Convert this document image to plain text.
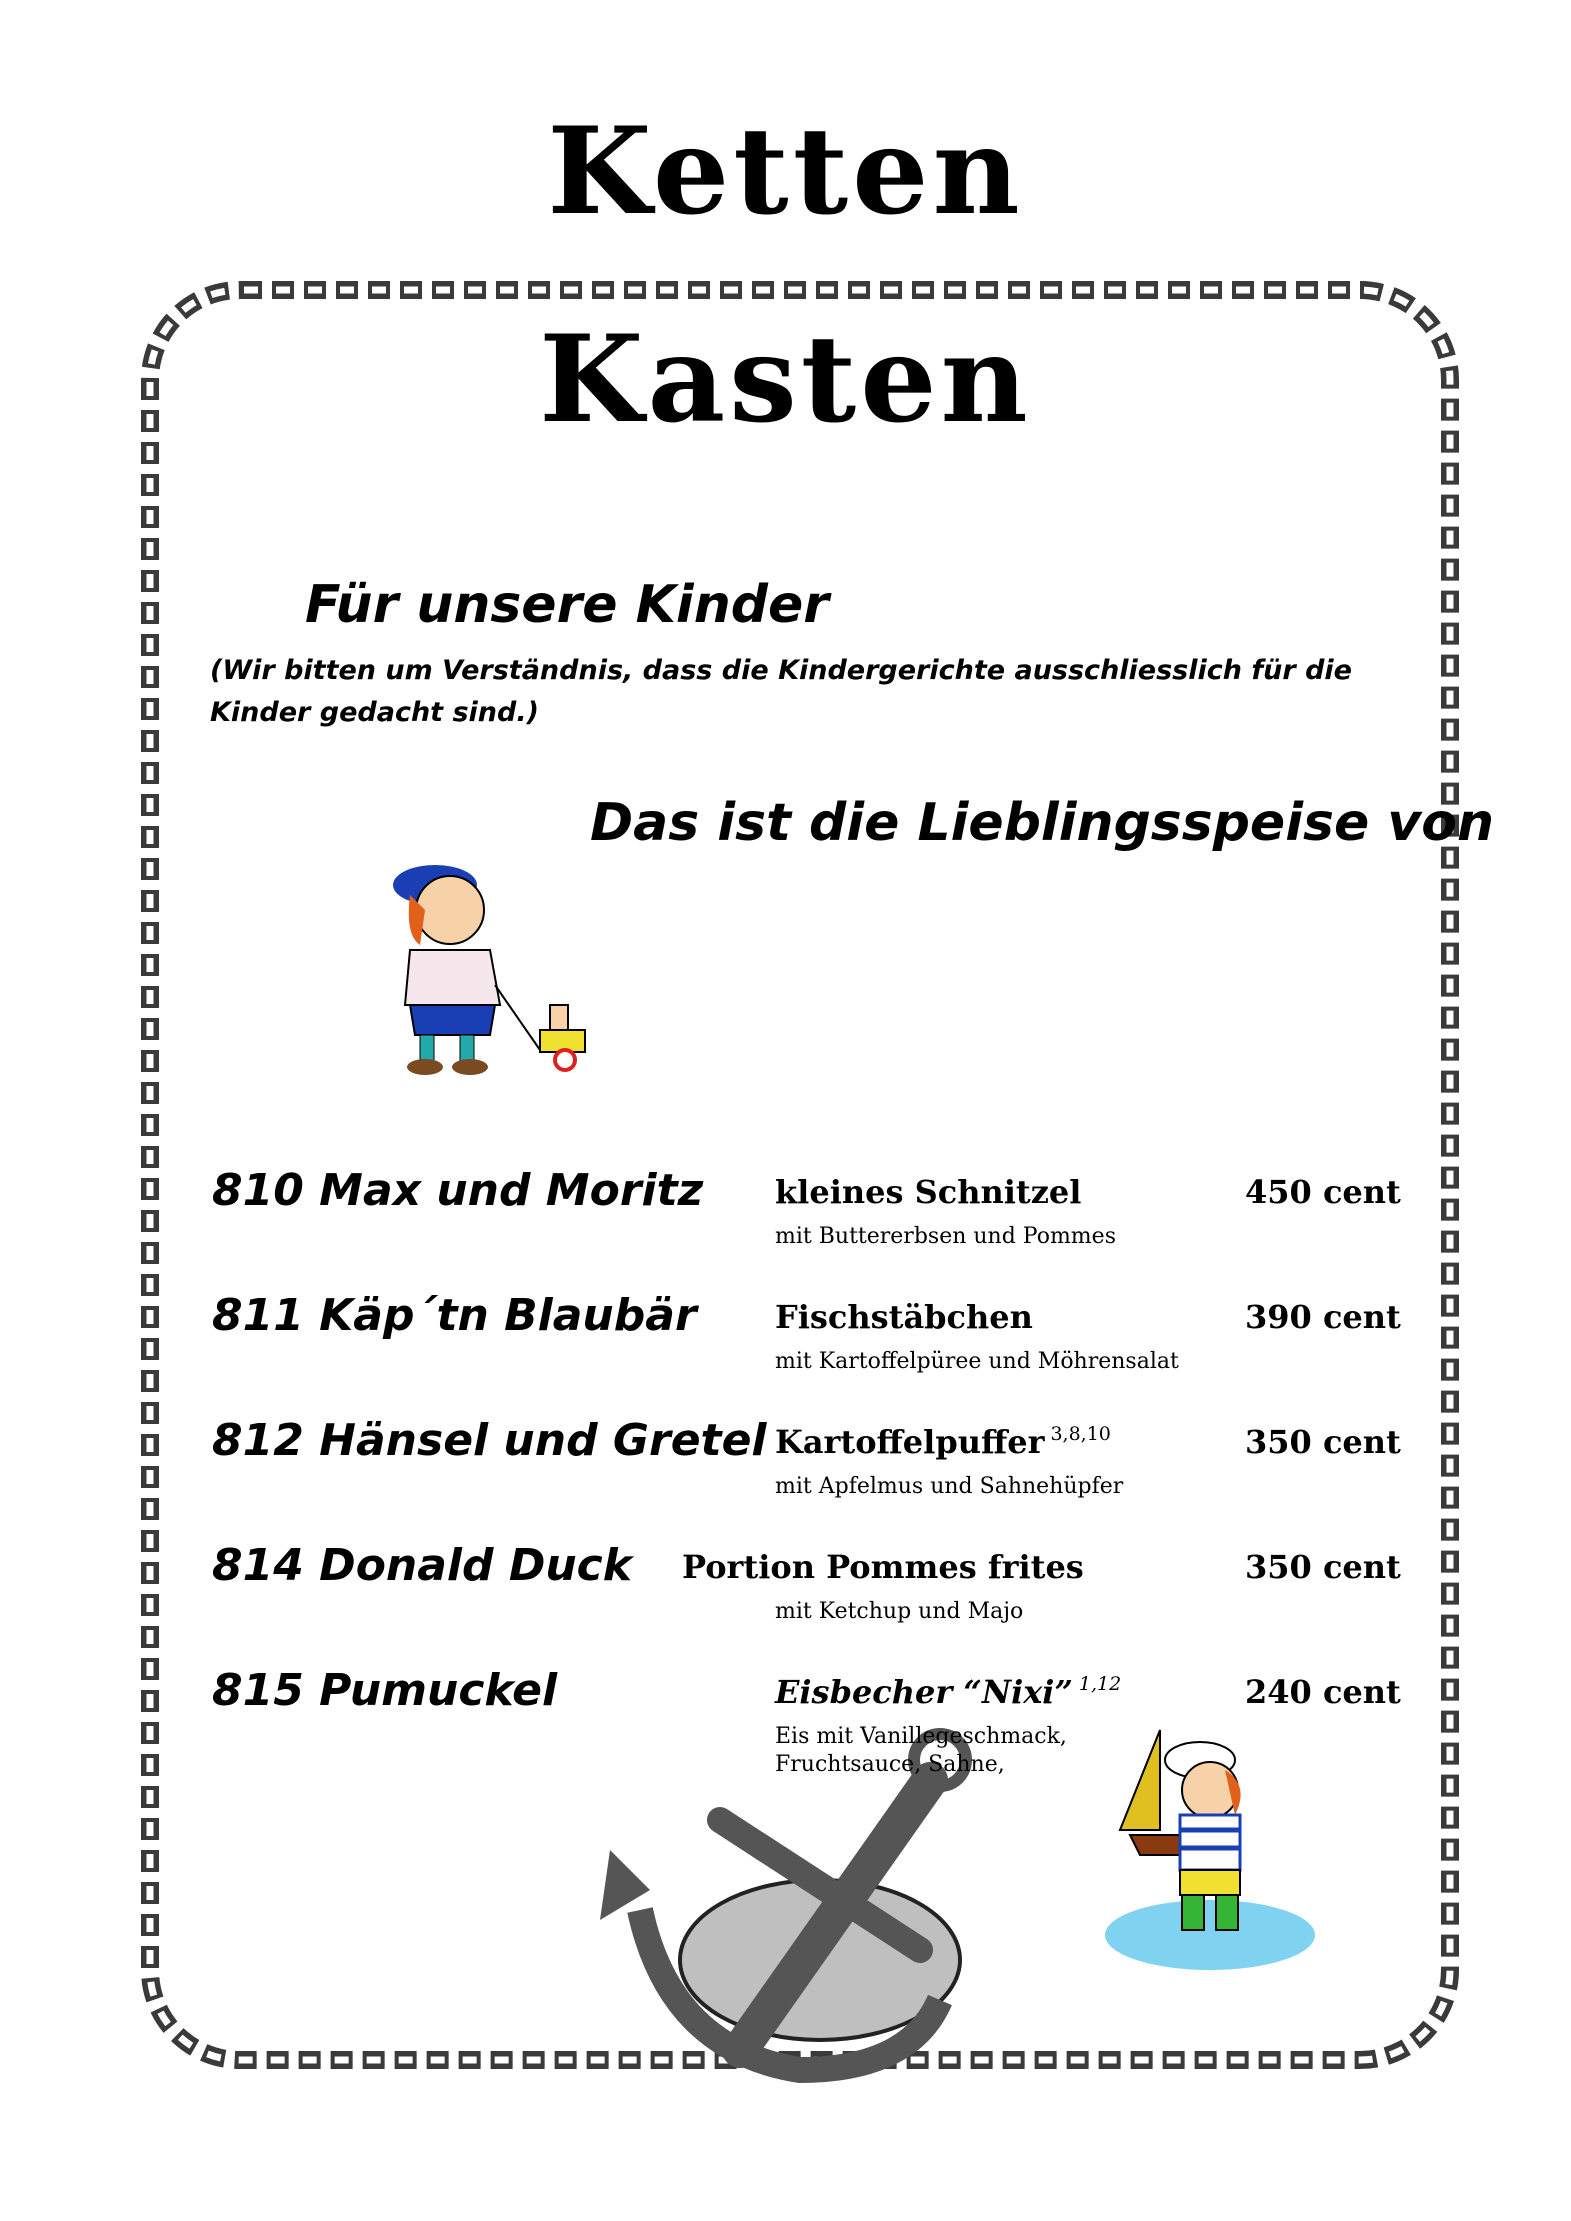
Ketten
Kasten
Für unsere Kinder
(Wir bitten um Verständnis, dass die Kindergerichte ausschliesslich für die Kinder gedacht sind.)
Das ist die Lieblingsspeise von
810 Max und Moritz kleines Schnitzel
mit Buttererbsen und Pommes
450 cent
811 Käp´tn Blaubär Fischstäbchen
mit Kartoffelpüree und Möhrensalat
390 cent
812 Hänsel und Gretel Kartoffelpuffer $^{3,8,10}$
mit Apfelmus und Sahnehüpfer
350 cent
814 Donald Duck Portion Pommes frites
mit Ketchup und Majo
350 cent
815 Pumuckel	Eisbecher “Nixi” $^{1,12}$
Eis mit Vanillegeschmack,
Fruchtsauce, Sahne,
240 cent
